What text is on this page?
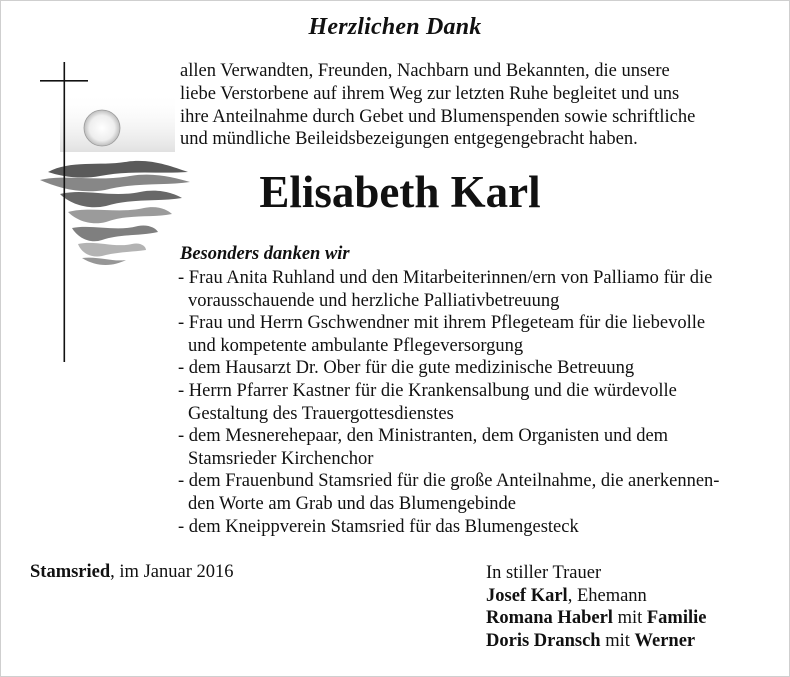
Herzlichen Dank
allen Verwandten, Freunden, Nachbarn und Bekannten, die unsere
liebe Verstorbene auf ihrem Weg zur letzten Ruhe begleitet und uns
ihre Anteilnahme durch Gebet und Blumenspenden sowie schriftliche
und mündliche Beileidsbezeigungen entgegengebracht haben.
Elisabeth Karl
Besonders danken wir
- Frau Anita Ruhland und den Mitarbeiterinnen/ern von Palliamo für die
vorausschauende und herzliche Palliativbetreuung
- Frau und Herrn Gschwendner mit ihrem Pflegeteam für die liebevolle
und kompetente ambulante Pflegeversorgung
- dem Hausarzt Dr. Ober für die gute medizinische Betreuung
- Herrn Pfarrer Kastner für die Krankensalbung und die würdevolle
Gestaltung des Trauergottesdienstes
- dem Mesnerehepaar, den Ministranten, dem Organisten und dem
Stamsrieder Kirchenchor
- dem Frauenbund Stamsried für die große Anteilnahme, die anerkennen-
den Worte am Grab und das Blumengebinde
- dem Kneippverein Stamsried für das Blumengesteck
Stamsried, im Januar 2016	In stiller Trauer
Josef Karl, Ehemann
Romana Haberl mit Familie
Doris Dransch mit Werner
